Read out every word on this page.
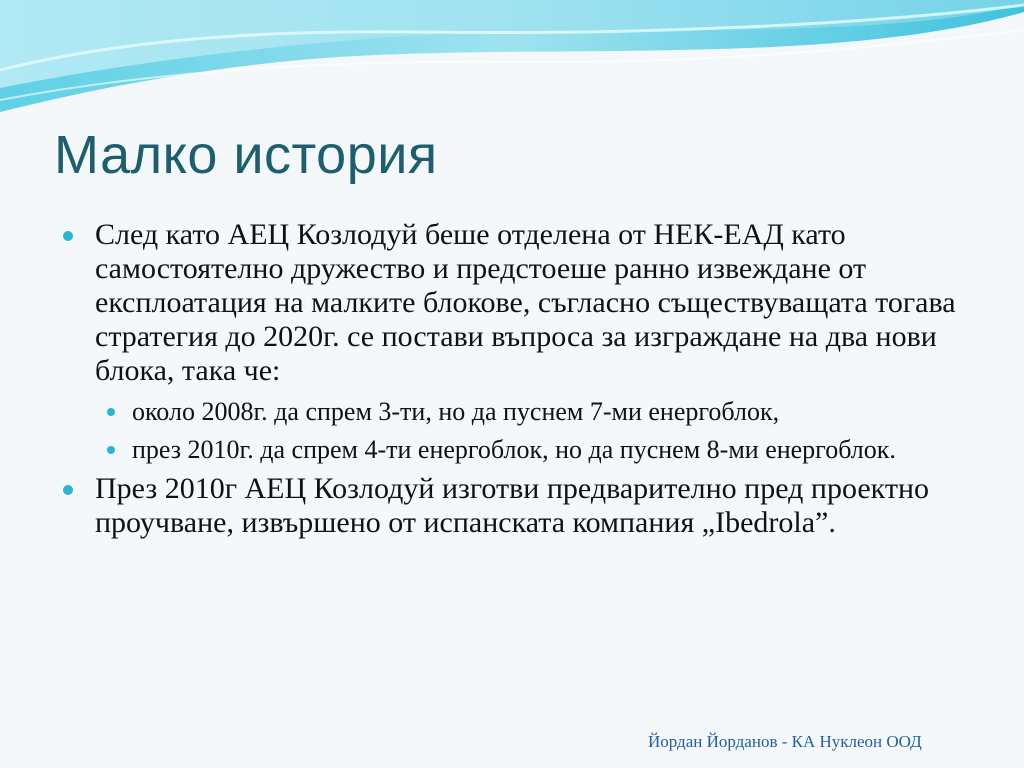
Малко история
След като АЕЦ Козлодуй беше отделена от НЕК-ЕАД като самостоятелно дружество и предстоеше ранно извеждане от експлоатация на малките блокове, съгласно съществуващата тогава стратегия до 2020г. се постави въпроса за изграждане на два нови блока, така че:
около 2008г. да спрем 3-ти, но да пуснем 7-ми енергоблок,
през 2010г. да спрем 4-ти енергоблок, но да пуснем 8-ми енергоблок.
През 2010г АЕЦ Козлодуй изготви предварително пред проектно проучване, извършено от испанската компания „Ibedrola”.
Йордан Йорданов - КА Нуклеон ООД
